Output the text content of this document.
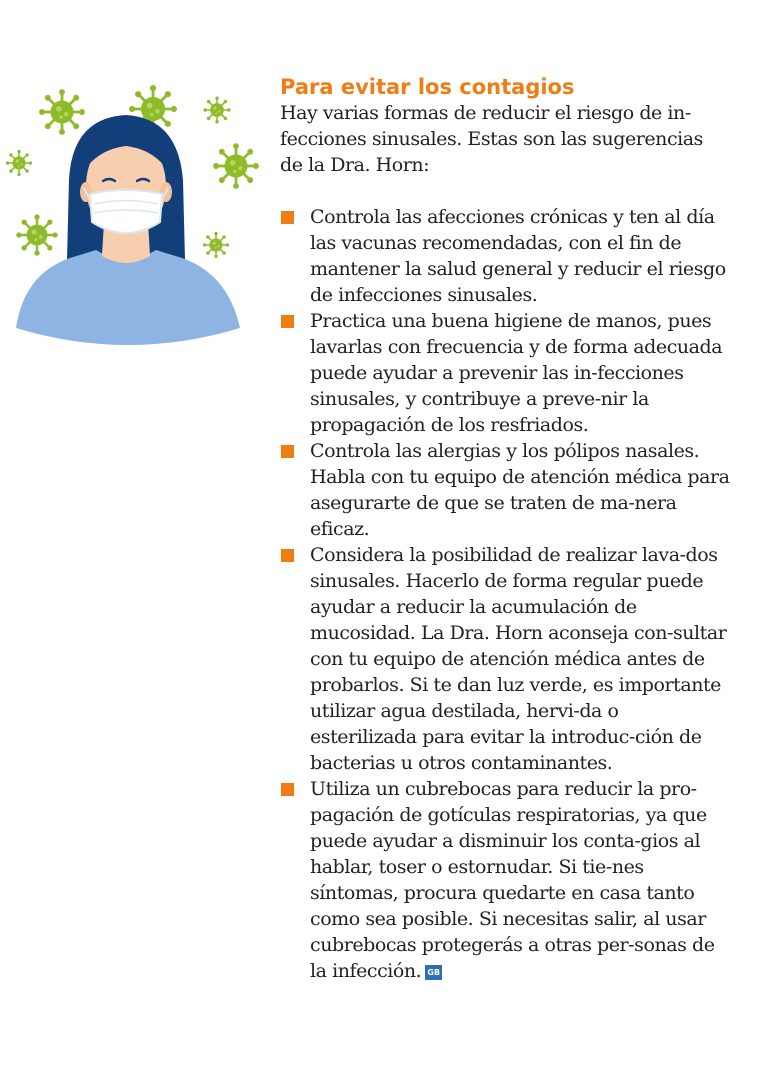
Para evitar los contagios

Hay varias formas de reducir el riesgo de in-fecciones sinusales. Estas son las sugerencias de la Dra. Horn:

Controla las afecciones crónicas y ten al día las vacunas recomendadas, con el fin de mantener la salud general y reducir el riesgo de infecciones sinusales.
Practica una buena higiene de manos, pues lavarlas con frecuencia y de forma adecuada puede ayudar a prevenir las in-fecciones sinusales, y contribuye a preve-nir la propagación de los resfriados.
Controla las alergias y los pólipos nasales. Habla con tu equipo de atención médica para asegurarte de que se traten de ma-nera eficaz.
Considera la posibilidad de realizar lava-dos sinusales. Hacerlo de forma regular puede ayudar a reducir la acumulación de mucosidad. La Dra. Horn aconseja con-sultar con tu equipo de atención médica antes de probarlos. Si te dan luz verde, es importante utilizar agua destilada, hervi-da o esterilizada para evitar la introduc-ción de bacterias u otros contaminantes.
Utiliza un cubrebocas para reducir la pro-pagación de gotículas respiratorias, ya que puede ayudar a disminuir los conta-gios al hablar, toser o estornudar. Si tie-nes síntomas, procura quedarte en casa tanto como sea posible. Si necesitas salir, al usar cubrebocas protegerás a otras per-sonas de la infección. GB
